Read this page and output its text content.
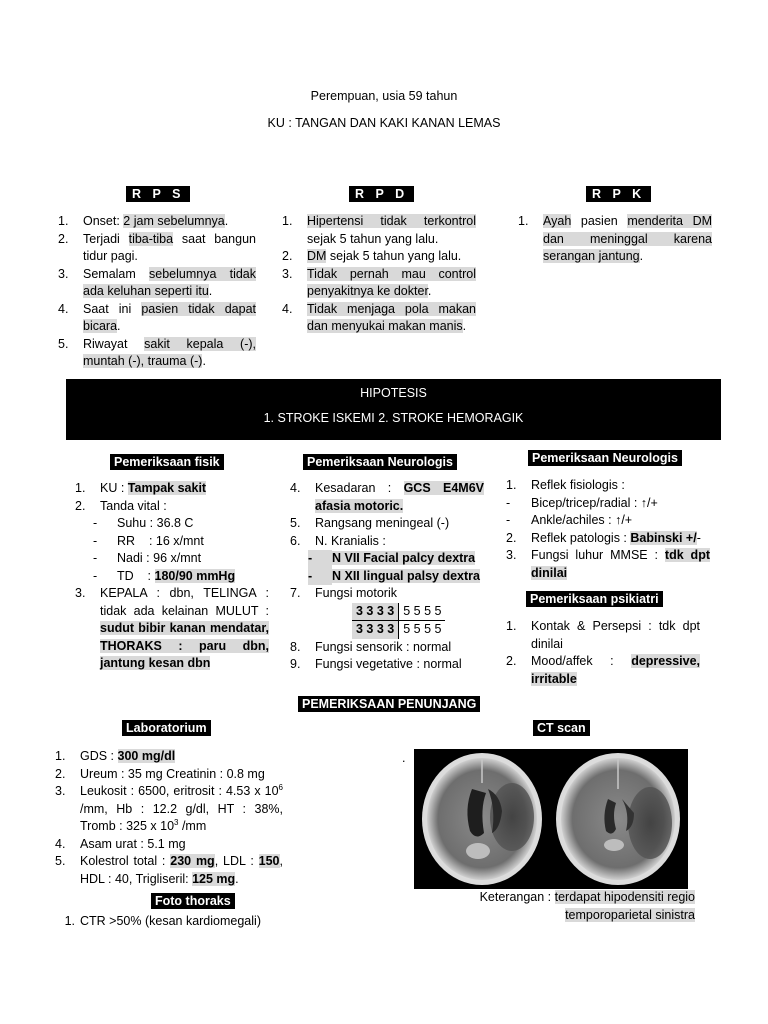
Perempuan, usia 59 tahun
KU : TANGAN DAN KAKI KANAN LEMAS
R P S	R P D	R P K
1.	Onset: 2 jam sebelumnya.
2.	Terjadi tiba-tiba saat bangun tidur pagi.
3.	Semalam sebelumnya tidak ada keluhan seperti itu.
4.	Saat ini pasien tidak dapat bicara.
5.	Riwayat sakit kepala (-), muntah (-), trauma (-).
1.	Hipertensi tidak terkontrol sejak 5 tahun yang lalu.
2.	DM sejak 5 tahun yang lalu.
3.	Tidak pernah mau control penyakitnya ke dokter.
4.	Tidak menjaga pola makan dan menyukai makan manis.
1.	Ayah pasien menderita DM dan meninggal karena serangan jantung.
HIPOTESIS
1. STROKE ISKEMI 2. STROKE HEMORAGIK
Pemeriksaan fisik
1.	KU : Tampak sakit
2.	Tanda vital :
-	Suhu : 36.8 C
-	RR    : 16 x/mnt
-	Nadi : 96 x/mnt
-	TD    : 180/90 mmHg
3.	KEPALA : dbn, TELINGA : tidak ada kelainan MULUT : sudut bibir kanan mendatar, THORAKS : paru dbn, jantung kesan dbn
Pemeriksaan Neurologis
4.	Kesadaran : GCS E4M6V afasia motoric.
5.	Rangsang meningeal (-)
6.	N. Kranialis :
-	N VII Facial palcy dextra
-	N XII lingual palsy dextra
7.	Fungsi motorik
3 3 3 3	5 5 5 5
3 3 3 3	5 5 5 5
8.	Fungsi sensorik : normal
9.	Fungsi vegetative : normal
Pemeriksaan Neurologis
1.	Reflek fisiologis :
-	Bicep/tricep/radial : ↑/+
-	Ankle/achiles : ↑/+
2.	Reflek patologis : Babinski +/-
3.	Fungsi luhur MMSE : tdk dpt dinilai
Pemeriksaan psikiatri
1.	Kontak & Persepsi : tdk dpt dinilai
2.	Mood/affek : depressive, irritable
PEMERIKSAAN PENUNJANG
Laboratorium
1.	GDS : 300 mg/dl
2.	Ureum : 35 mg Creatinin : 0.8 mg
3.	Leukosit : 6500, eritrosit : 4.53 x $10^6$ /mm, Hb : 12.2 g/dl, HT : 38%, Tromb : 325 x $10^3$ /mm
4.	Asam urat : 5.1 mg
5.	Kolestrol total : 230 mg, LDL : 150, HDL : 40, Trigliseril: 125 mg.
Foto thoraks
1. CTR >50% (kesan kardiomegali)
CT scan
.
Keterangan : terdapat hipodensiti regio temporoparietal sinistra
